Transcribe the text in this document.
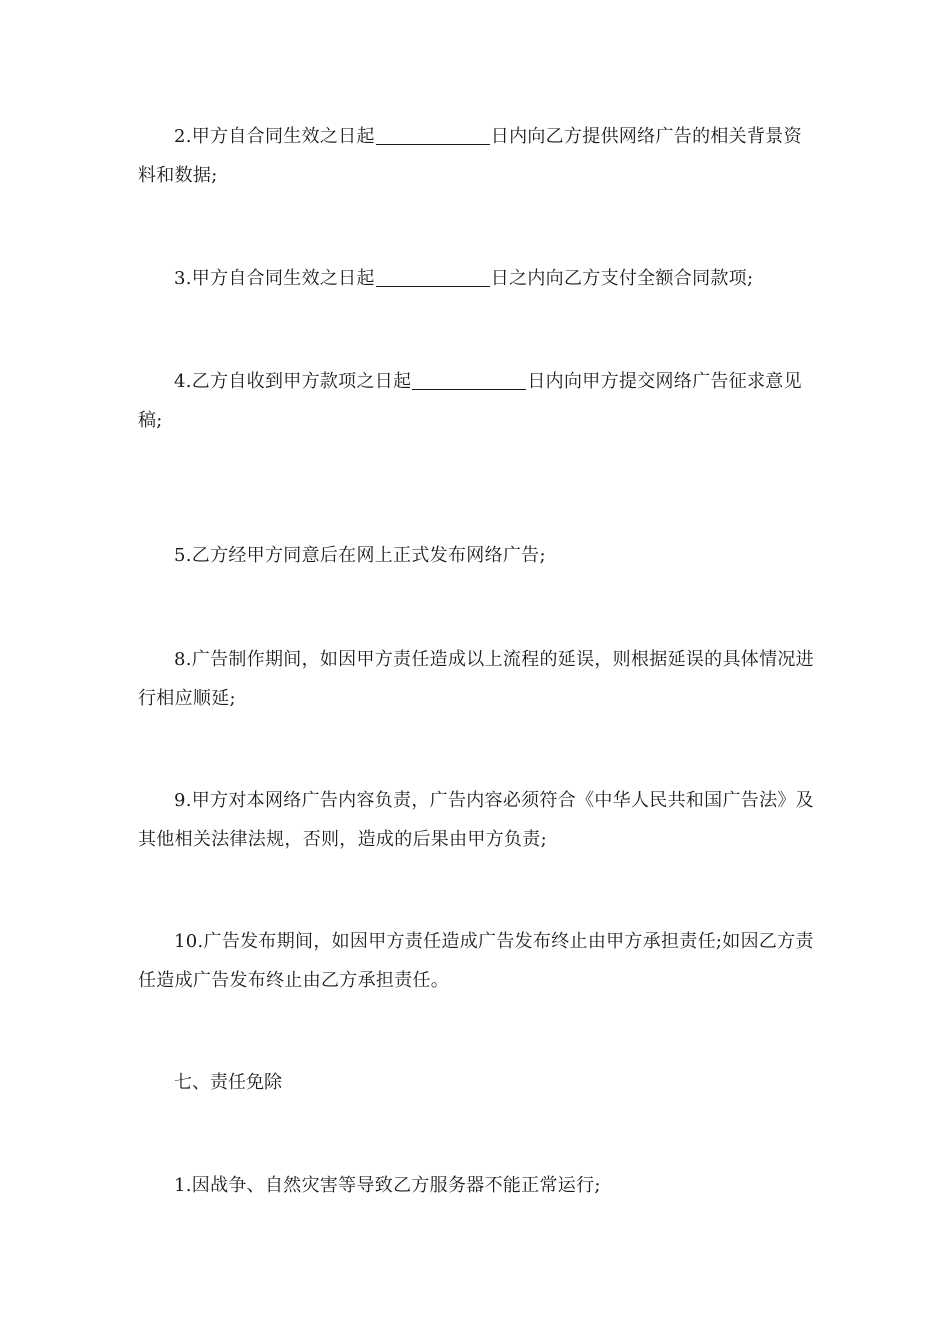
2.甲方自合同生效之日起	日内向乙方提供网络广告的相关背景资料和数据;

3.甲方自合同生效之日起	日之内向乙方支付全额合同款项;

4.乙方自收到甲方款项之日起	日内向甲方提交网络广告征求意见稿;

5.乙方经甲方同意后在网上正式发布网络广告;

8.广告制作期间，如因甲方责任造成以上流程的延误，则根据延误的具体情况进行相应顺延;

9.甲方对本网络广告内容负责，广告内容必须符合《中华人民共和国广告法》及其他相关法律法规，否则，造成的后果由甲方负责;

10.广告发布期间，如因甲方责任造成广告发布终止由甲方承担责任;如因乙方责任造成广告发布终止由乙方承担责任。

七、责任免除

1.因战争、自然灾害等导致乙方服务器不能正常运行;
